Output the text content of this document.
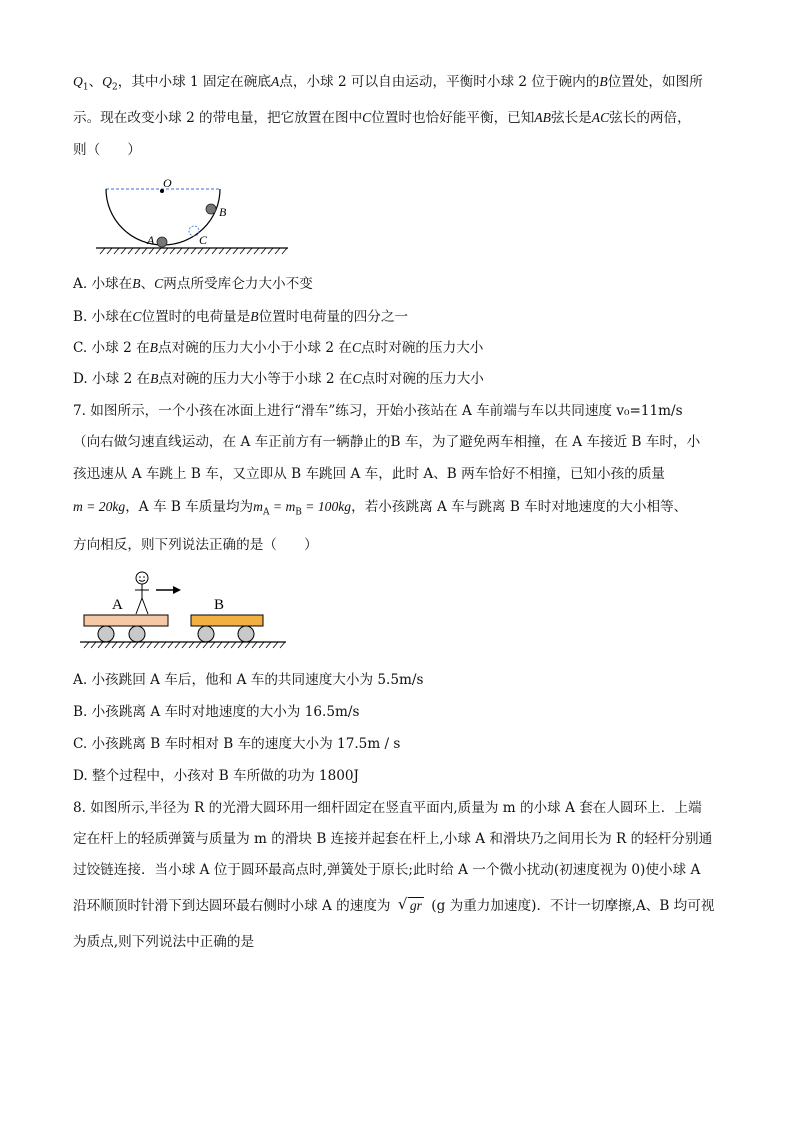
$Q_1$、$Q_2$，其中小球 1 固定在碗底A点，小球 2 可以自由运动，平衡时小球 2 位于碗内的B位置处，如图所
示。现在改变小球 2 的带电量，把它放置在图中C位置时也恰好能平衡，已知AB弦长是AC弦长的两倍，
则（　　）
O
B
C
A
A. 小球在B、C两点所受库仑力大小不变
B. 小球在C位置时的电荷量是B位置时电荷量的四分之一
C. 小球 2 在B点对碗的压力大小小于小球 2 在C点时对碗的压力大小
D. 小球 2 在B点对碗的压力大小等于小球 2 在C点时对碗的压力大小
7. 如图所示，一个小孩在冰面上进行“滑车”练习，开始小孩站在 A 车前端与车以共同速度 v₀=11m/s
（向右做匀速直线运动，在 A 车正前方有一辆静止的B 车，为了避免两车相撞，在 A 车接近 B 车时，小
孩迅速从 A 车跳上 B 车，又立即从 B 车跳回 A 车，此时 A、B 两车恰好不相撞，已知小孩的质量
m = 20kg，A 车 B 车质量均为$m_A = m_B = 100kg$，若小孩跳离 A 车与跳离 B 车时对地速度的大小相等、
方向相反，则下列说法正确的是（　　）
A	B
A. 小孩跳回 A 车后，他和 A 车的共同速度大小为 5.5m/s
B. 小孩跳离 A 车时对地速度的大小为 16.5m/s
C. 小孩跳离 B 车时相对 B 车的速度大小为 17.5m / s
D. 整个过程中，小孩对 B 车所做的功为 1800J
8. 如图所示,半径为 R 的光滑大圆环用一细杆固定在竖直平面内,质量为 m 的小球 A 套在人圆环上．上端
定在杆上的轻质弹簧与质量为 m 的滑块 B 连接并起套在杆上,小球 A 和滑块乃之间用长为 R 的轻杆分别通
过饺链连接．当小球 A 位于圆环最高点时,弹簧处于原长;此时给 A 一个微小扰动(初速度视为 0)使小球 A
沿环顺顶时针滑下到达圆环最右侧时小球 A 的速度为 √ gr (g 为重力加速度)．不计一切摩擦,A、B 均可视
为质点,则下列说法中正确的是
